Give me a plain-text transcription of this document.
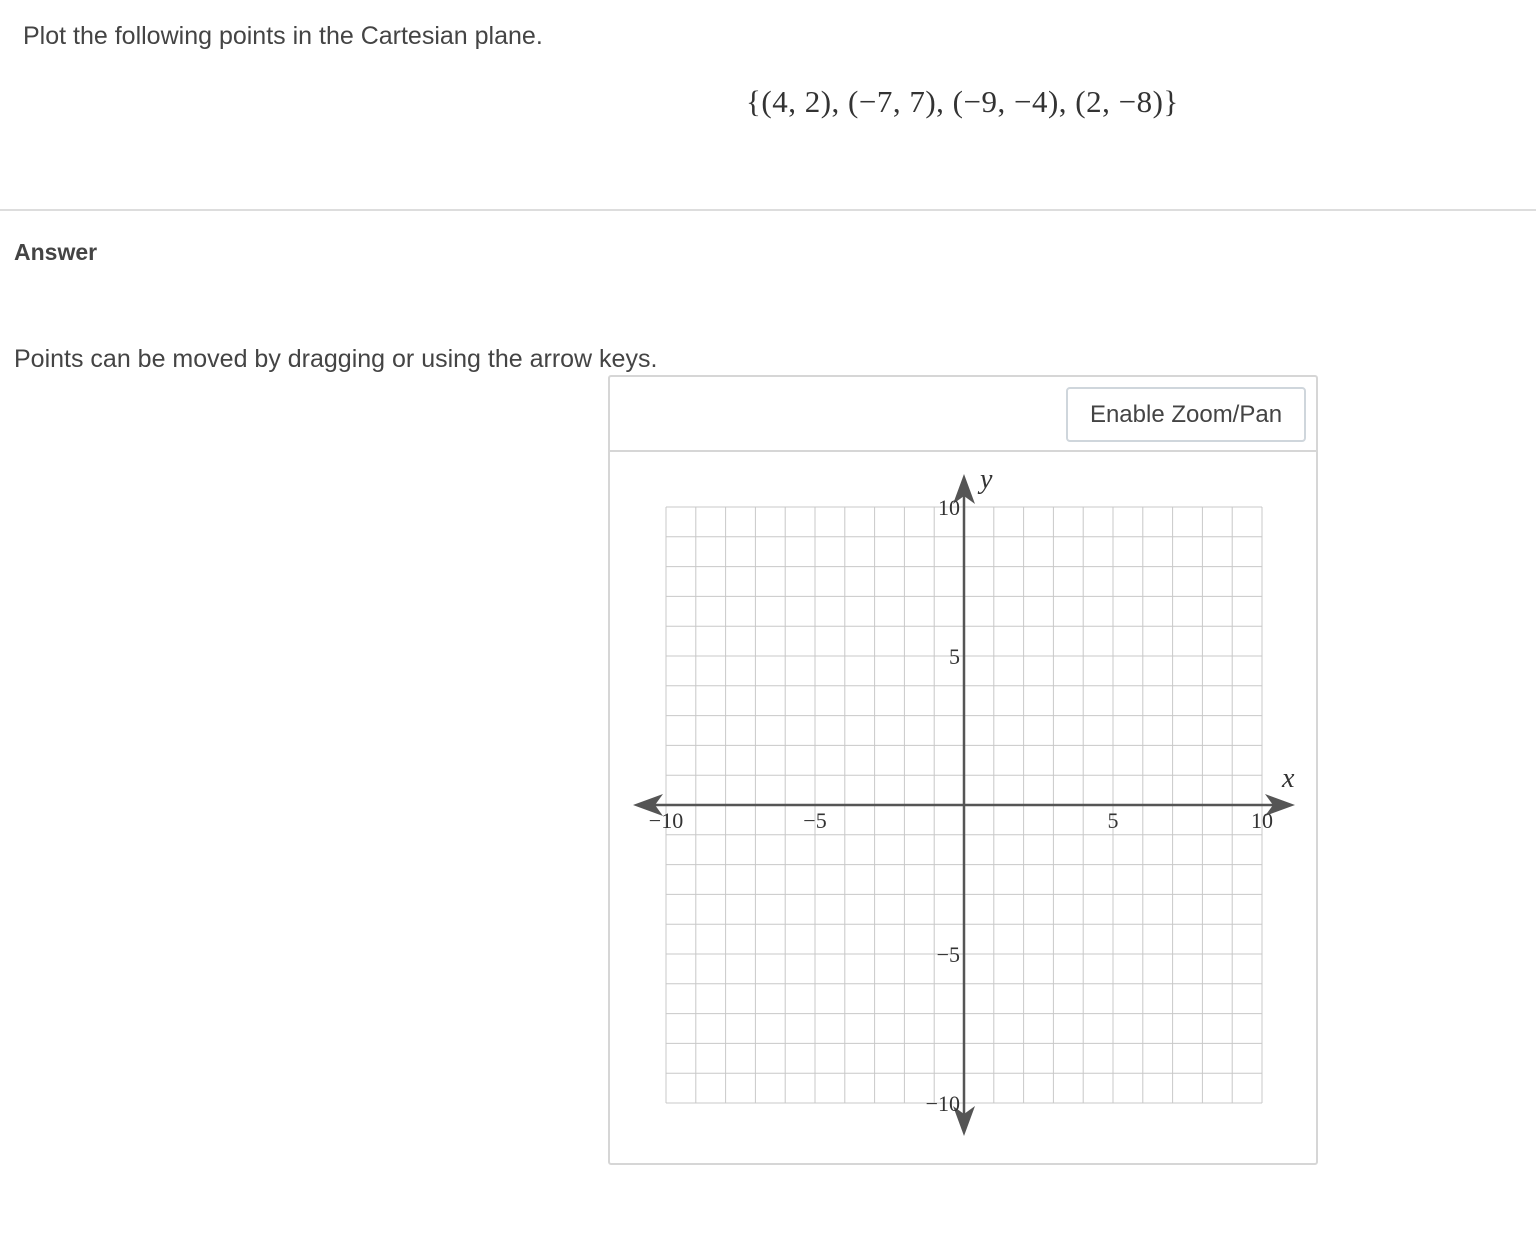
Plot the following points in the Cartesian plane.

{(4, 2), (−7, 7), (−9, −4), (2, −8)}
Answer

Points can be moved by dragging or using the arrow keys.

Enable Zoom/Pan
x
y
−10	−5	5	10
10
5
−5
−10
